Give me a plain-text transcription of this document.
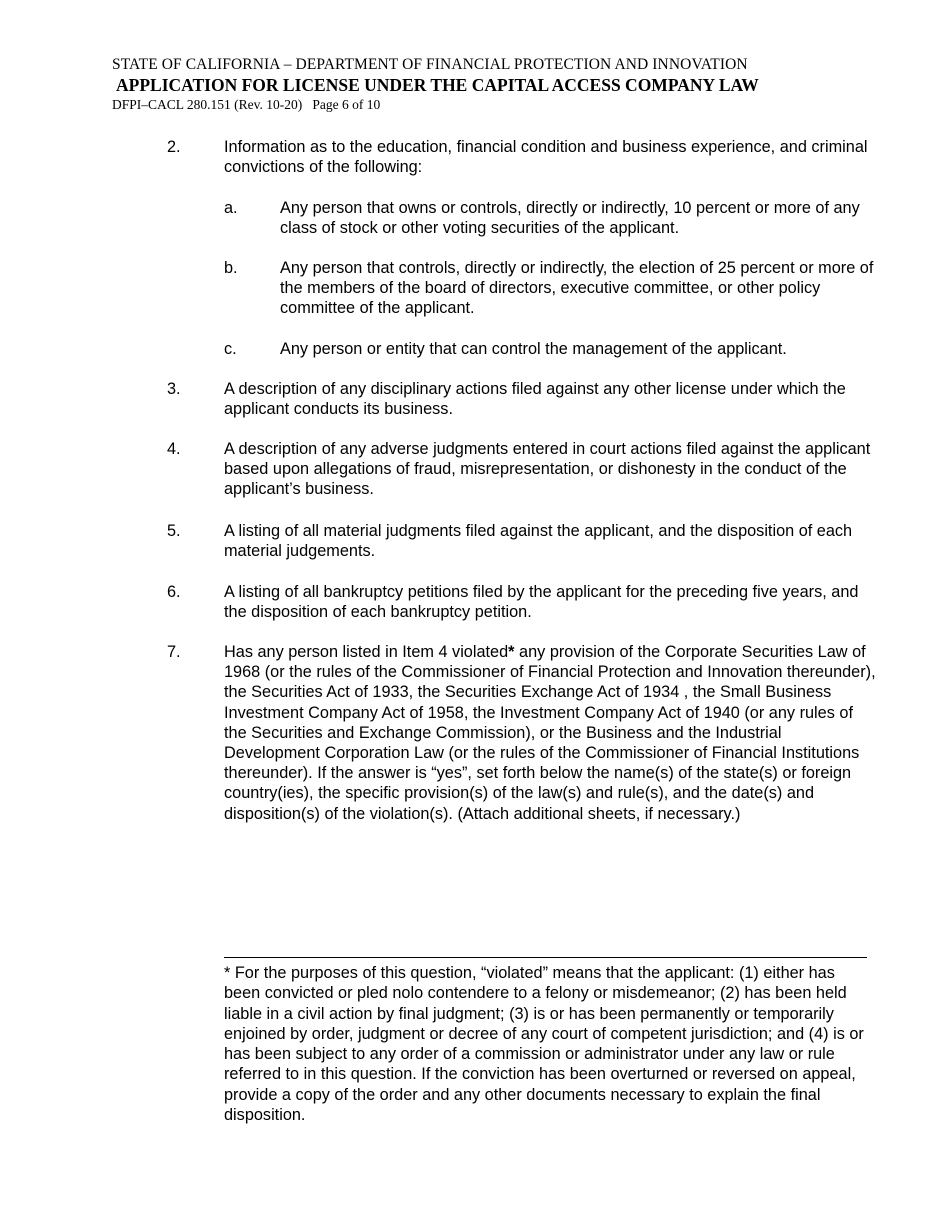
STATE OF CALIFORNIA – DEPARTMENT OF FINANCIAL PROTECTION AND INNOVATION
APPLICATION FOR LICENSE UNDER THE CAPITAL ACCESS COMPANY LAW
DFPI–CACL 280.151 (Rev. 10-20) Page 6 of 10
2.	Information as to the education, financial condition and business experience, and criminal convictions of the following:
a.	Any person that owns or controls, directly or indirectly, 10 percent or more of any class of stock or other voting securities of the applicant.
b.	Any person that controls, directly or indirectly, the election of 25 percent or more of the members of the board of directors, executive committee, or other policy committee of the applicant.
c.	Any person or entity that can control the management of the applicant.
3.	A description of any disciplinary actions filed against any other license under which the applicant conducts its business.
4.	A description of any adverse judgments entered in court actions filed against the applicant based upon allegations of fraud, misrepresentation, or dishonesty in the conduct of the applicant’s business.
5.	A listing of all material judgments filed against the applicant, and the disposition of each material judgements.
6.	A listing of all bankruptcy petitions filed by the applicant for the preceding five years, and the disposition of each bankruptcy petition.
7.	Has any person listed in Item 4 violated* any provision of the Corporate Securities Law of 1968 (or the rules of the Commissioner of Financial Protection and Innovation thereunder), the Securities Act of 1933, the Securities Exchange Act of 1934 , the Small Business Investment Company Act of 1958, the Investment Company Act of 1940 (or any rules of the Securities and Exchange Commission), or the Business and the Industrial Development Corporation Law (or the rules of the Commissioner of Financial Institutions thereunder). If the answer is “yes”, set forth below the name(s) of the state(s) or foreign country(ies), the specific provision(s) of the law(s) and rule(s), and the date(s) and disposition(s) of the violation(s). (Attach additional sheets, if necessary.)
* For the purposes of this question, “violated” means that the applicant: (1) either has been convicted or pled nolo contendere to a felony or misdemeanor; (2) has been held liable in a civil action by final judgment; (3) is or has been permanently or temporarily enjoined by order, judgment or decree of any court of competent jurisdiction; and (4) is or has been subject to any order of a commission or administrator under any law or rule referred to in this question. If the conviction has been overturned or reversed on appeal, provide a copy of the order and any other documents necessary to explain the final disposition.
